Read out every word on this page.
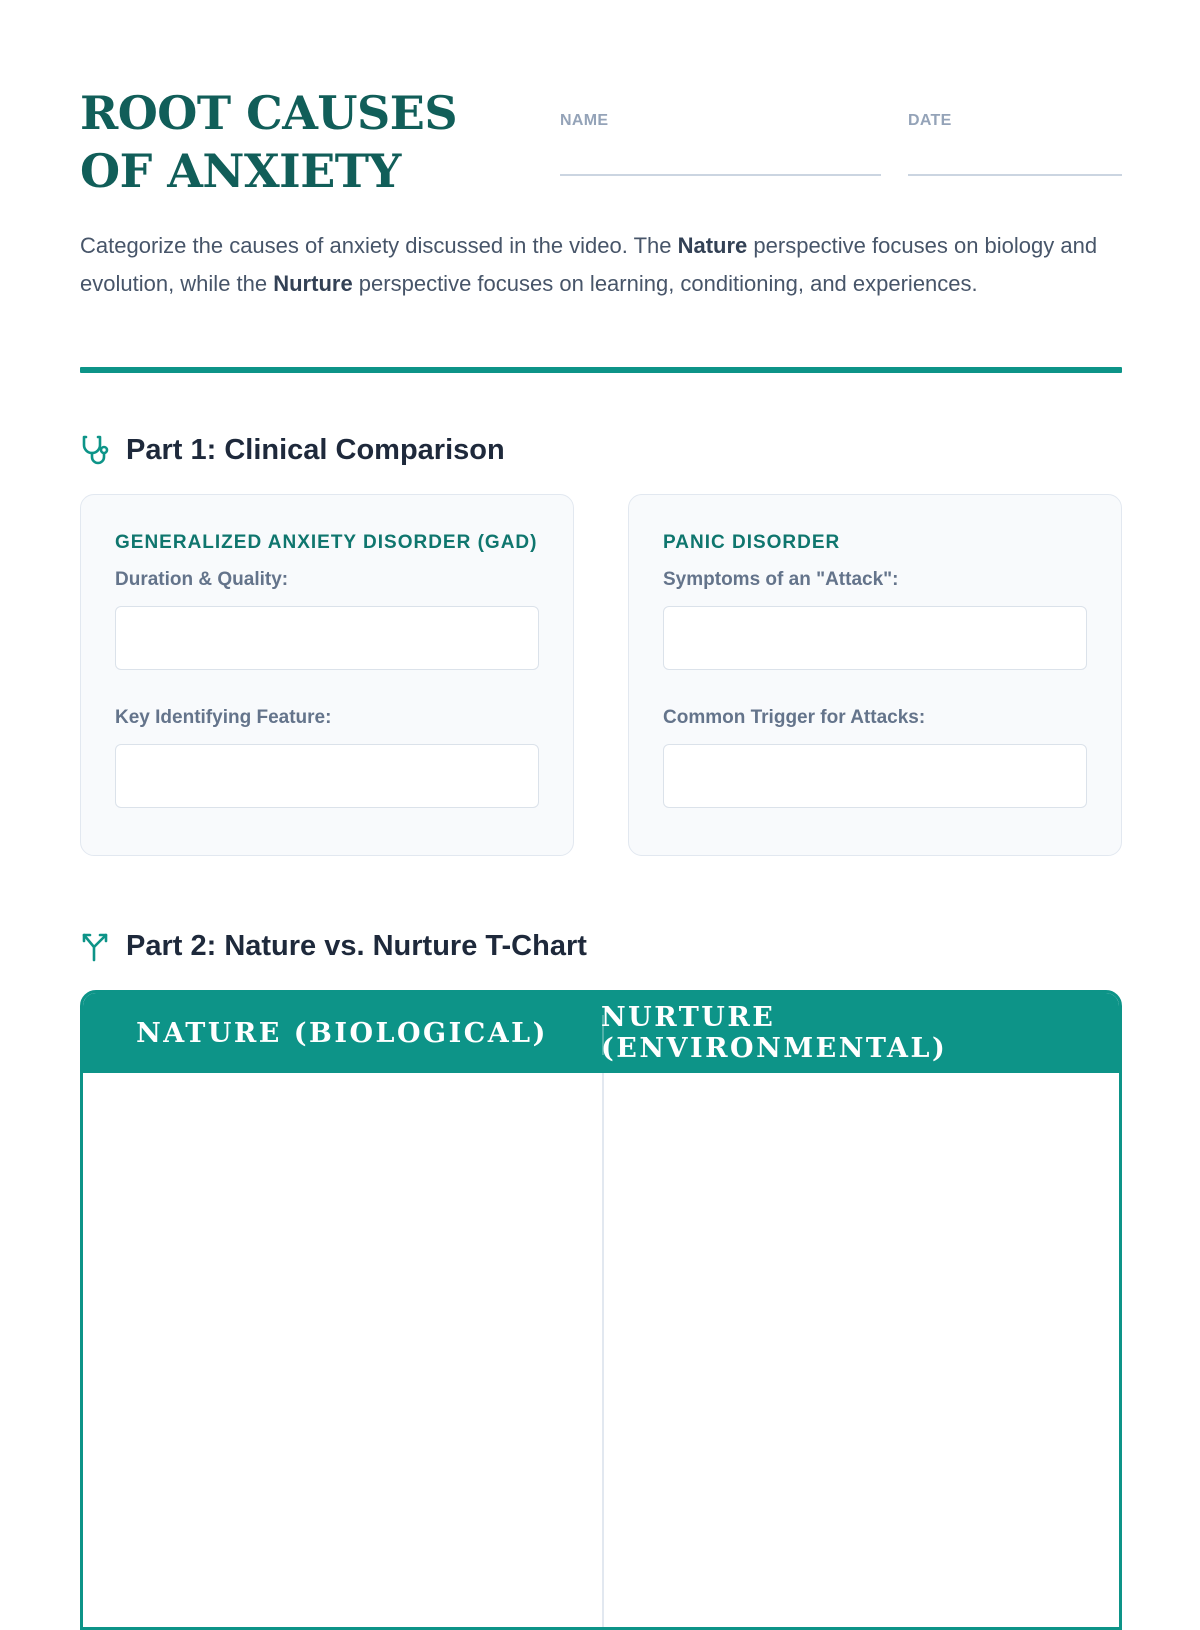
ROOT CAUSES OF ANXIETY
NAME	DATE

Categorize the causes of anxiety discussed in the video. The Nature perspective focuses on biology and evolution, while the Nurture perspective focuses on learning, conditioning, and experiences.

Part 1: Clinical Comparison
GENERALIZED ANXIETY DISORDER (GAD)
Duration & Quality:
Key Identifying Feature:
PANIC DISORDER
Symptoms of an "Attack":
Common Trigger for Attacks:
Part 2: Nature vs. Nurture T-Chart
NATURE (BIOLOGICAL)	NURTURE (ENVIRONMENTAL)
